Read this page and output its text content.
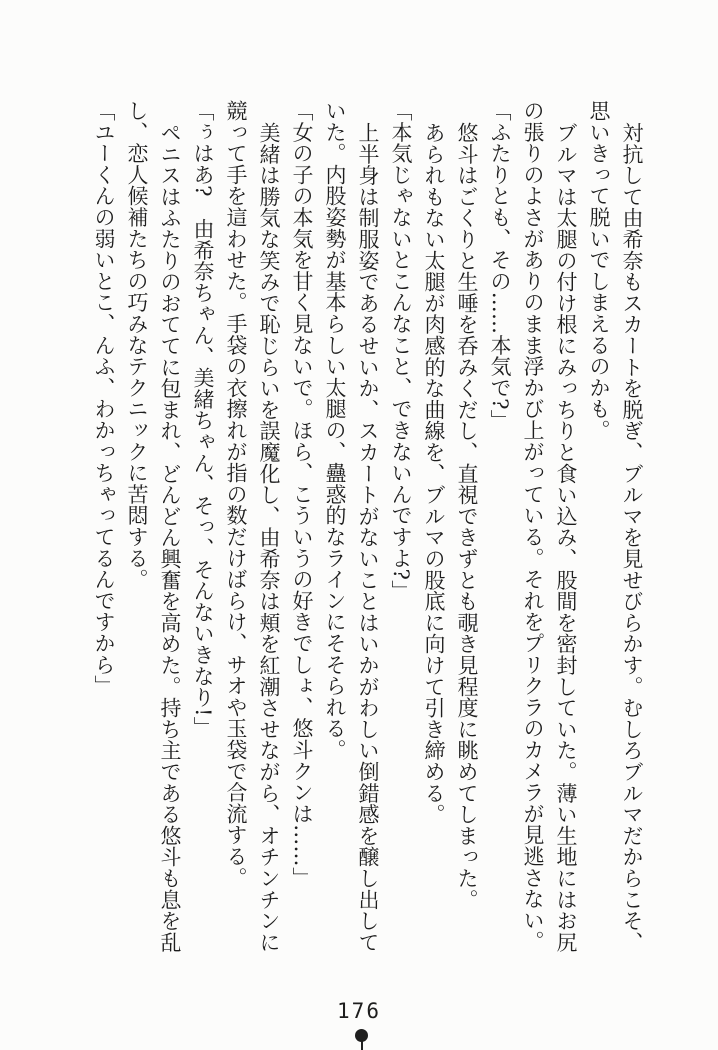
対抗して由希奈もスカートを脱ぎ、ブルマを見せびらかす。むしろブルマだからこそ、

思いきって脱いでしまえるのかも。

ブルマは太腿の付け根にみっちりと食い込み、股間を密封していた。薄い生地にはお尻

の張りのよさがありのまま浮かび上がっている。それをプリクラのカメラが見逃さない。

「ふたりとも、その……本気で?」

悠斗はごくりと生唾を呑みくだし、直視できずとも覗き見程度に眺めてしまった。

あられもない太腿が肉感的な曲線を、ブルマの股底に向けて引き締める。

「本気じゃないとこんなこと、できないんですよ?」

上半身は制服姿であるせいか、スカートがないことはいかがわしい倒錯感を醸し出して

いた。内股姿勢が基本らしい太腿の、蠱惑的なラインにそそられる。

「女の子の本気を甘く見ないで。ほら、こういうの好きでしょ、悠斗クンは……」

美緒は勝気な笑みで恥じらいを誤魔化し、由希奈は頬を紅潮させながら、オチンチンに

競って手を這わせた。手袋の衣擦れが指の数だけばらけ、サオや玉袋で合流する。

「ぅはあ?　由希奈ちゃん、美緒ちゃん、そっ、そんないきなり!」

ペニスはふたりのおててに包まれ、どんどん興奮を高めた。持ち主である悠斗も息を乱

し、恋人候補たちの巧みなテクニックに苦悶する。

「ユーくんの弱いとこ、んふ、わかっちゃってるんですから」

176
